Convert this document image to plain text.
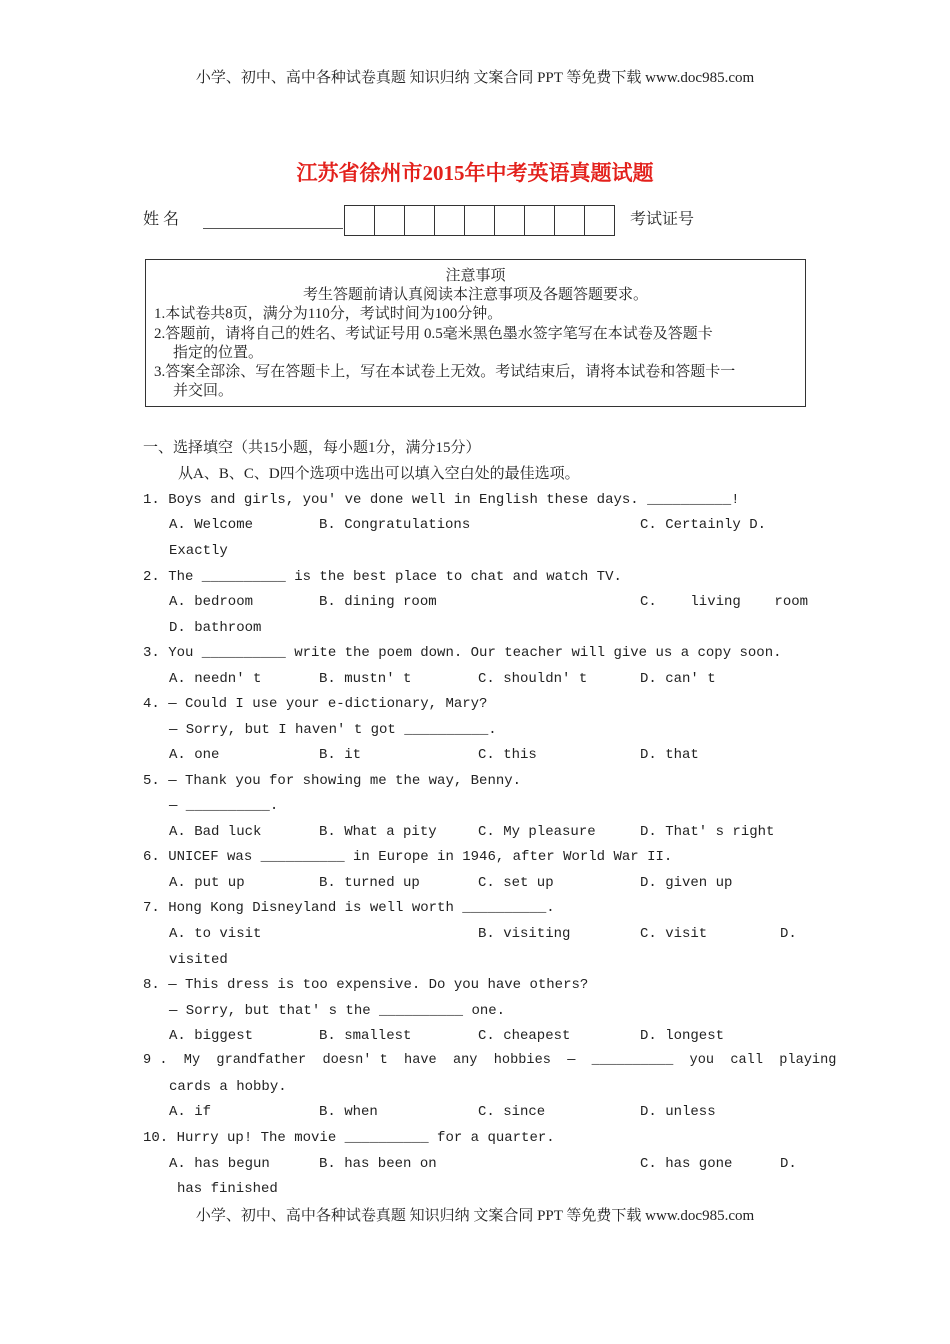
小学、初中、高中各种试卷真题 知识归纳 文案合同 PPT 等免费下载 www.doc985.com
江苏省徐州市2015年中考英语真题试题
姓 名	考试证号
注意事项
考生答题前请认真阅读本注意事项及各题答题要求。
1.本试卷共8页，满分为110分，考试时间为100分钟。
2.答题前，请将自己的姓名、考试证号用 0.5毫米黑色墨水签字笔写在本试卷及答题卡
指定的位置。
3.答案全部涂、写在答题卡上，写在本试卷上无效。考试结束后，请将本试卷和答题卡一
并交回。
一、选择填空（共15小题，每小题1分，满分15分）
从A、B、C、D四个选项中选出可以填入空白处的最佳选项。
1. Boys and girls, you' ve done well in English these days. __________!
A. Welcome	B. Congratulations	C. Certainly D.
Exactly
2. The __________ is the best place to chat and watch TV.
A. bedroom	B. dining room	C.    living    room
D. bathroom
3. You __________ write the poem down. Our teacher will give us a copy soon.
A. needn' t	B. mustn' t	C. shouldn' t	D. can' t
4. — Could I use your e-dictionary, Mary?
— Sorry, but I haven' t got __________.
A. one	B. it	C. this	D. that
5. — Thank you for showing me the way, Benny.
— __________.
A. Bad luck	B. What a pity	C. My pleasure	D. That' s right
6. UNICEF was __________ in Europe in 1946, after World War II.
A. put up	B. turned up	C. set up	D. given up
7. Hong Kong Disneyland is well worth __________.
A. to visit	B. visiting	C. visit	D.
visited
8. — This dress is too expensive. Do you have others?
— Sorry, but that' s the __________ one.
A. biggest	B. smallest	C. cheapest	D. longest
9 .  My  grandfather  doesn' t  have  any  hobbies  —  __________  you  call  playing
cards a hobby.
A. if	B. when	C. since	D. unless
10. Hurry up! The movie __________ for a quarter.
A. has begun	B. has been on	C. has gone	D.
has finished
小学、初中、高中各种试卷真题 知识归纳 文案合同 PPT 等免费下载 www.doc985.com
